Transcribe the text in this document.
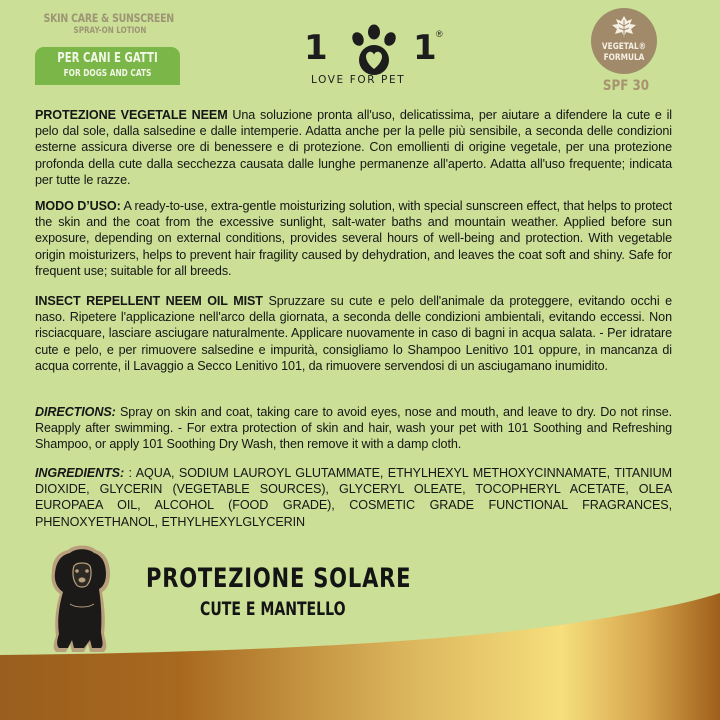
SKIN CARE & SUNSCREEN
SPRAY-ON LOTION
PER CANI E GATTI
FOR DOGS AND CATS
1	1 ®
LOVE FOR PET
VEGETAL®
FORMULA
SPF 30
PROTEZIONE VEGETALE NEEM Una soluzione pronta all'uso, delicatissima, per aiutare a difendere la cute e il pelo dal sole, dalla salsedine e dalle intemperie. Adatta anche per la pelle più sensibile, a seconda delle condizioni esterne assicura diverse ore di benessere e di protezione. Con emollienti di origine vegetale, per una protezione profonda della cute dalla secchezza causata dalle lunghe permanenze all'aperto. Adatta all'uso frequente; indicata per tutte le razze.
MODO D’USO: A ready-to-use, extra-gentle moisturizing solution, with special sunscreen effect, that helps to protect the skin and the coat from the excessive sunlight, salt-water baths and mountain weather. Applied before sun exposure, depending on external conditions, provides several hours of well-being and protection. With vegetable origin moisturizers, helps to prevent hair fragility caused by dehydration, and leaves the coat soft and shiny. Safe for frequent use; suitable for all breeds.
INSECT REPELLENT NEEM OIL MIST Spruzzare su cute e pelo dell'animale da proteggere, evitando occhi e naso. Ripetere l'applicazione nell'arco della giornata, a seconda delle condizioni ambientali, evitando eccessi. Non risciacquare, lasciare asciugare naturalmente. Applicare nuovamente in caso di bagni in acqua salata. - Per idratare cute e pelo, e per rimuovere salsedine e impurità, consigliamo lo Shampoo Lenitivo 101 oppure, in mancanza di acqua corrente, il Lavaggio a Secco Lenitivo 101, da rimuovere servendosi di un asciugamano inumidito.
DIRECTIONS: Spray on skin and coat, taking care to avoid eyes, nose and mouth, and leave to dry. Do not rinse. Reapply after swimming. - For extra protection of skin and hair, wash your pet with 101 Soothing and Refreshing Shampoo, or apply 101 Soothing Dry Wash, then remove it with a damp cloth.
INGREDIENTS: : AQUA, SODIUM LAUROYL GLUTAMMATE, ETHYLHEXYL METHOXYCINNAMATE, TITANIUM DIOXIDE, GLYCERIN (VEGETABLE SOURCES), GLYCERYL OLEATE, TOCOPHERYL ACETATE, OLEA EUROPAEA OIL, ALCOHOL (FOOD GRADE), COSMETIC GRADE FUNCTIONAL FRAGRANCES, PHENOXYETHANOL, ETHYLHEXYLGLYCERIN
PROTEZIONE SOLARE
CUTE E MANTELLO
